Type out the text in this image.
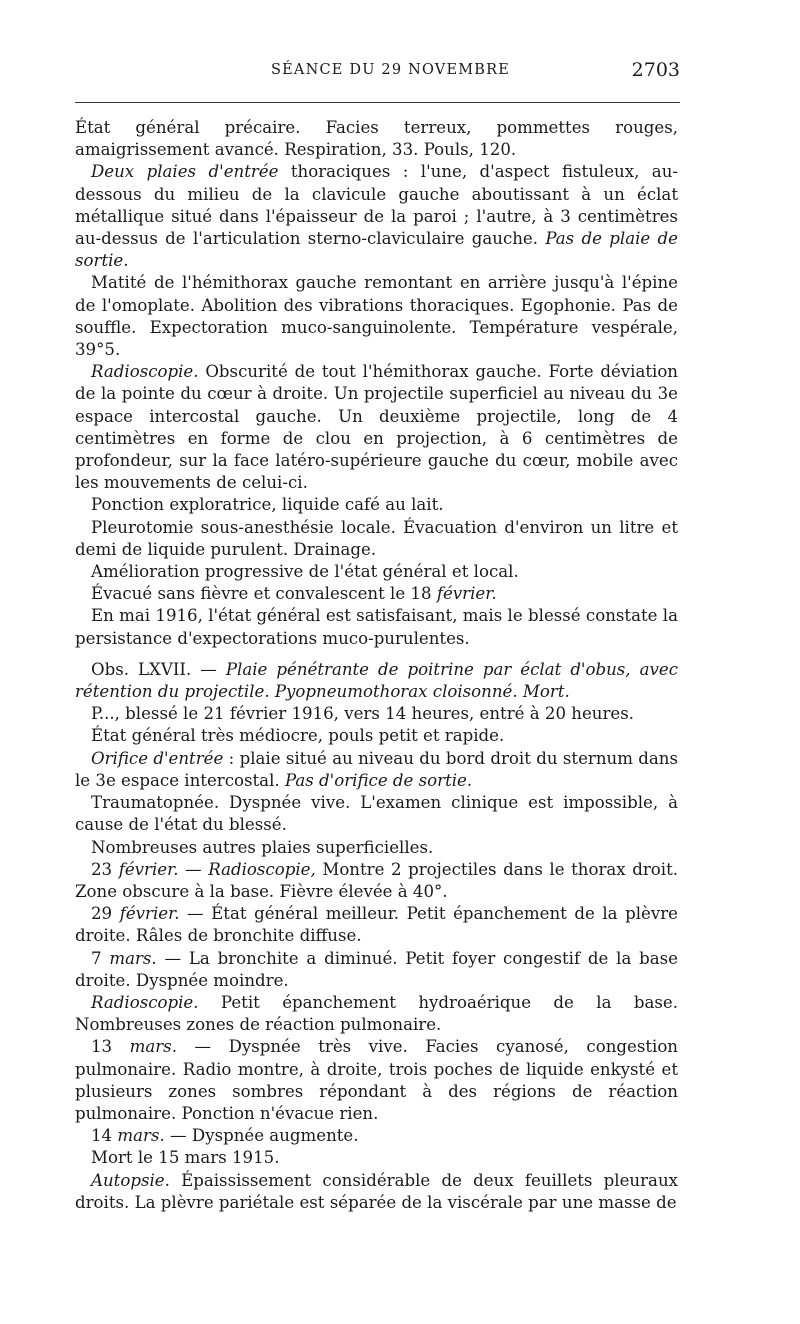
SÉANCE DU 29 NOVEMBRE	2703

État général précaire. Facies terreux, pommettes rouges, amaigrissement avancé. Respiration, 33. Pouls, 120.

Deux plaies d'entrée thoraciques : l'une, d'aspect fistuleux, au-dessous du milieu de la clavicule gauche aboutissant à un éclat métallique situé dans l'épaisseur de la paroi ; l'autre, à 3 centimètres au-dessus de l'articulation sterno-claviculaire gauche. Pas de plaie de sortie.

Matité de l'hémithorax gauche remontant en arrière jusqu'à l'épine de l'omoplate. Abolition des vibrations thoraciques. Egophonie. Pas de souffle. Expectoration muco-sanguinolente. Température vespérale, 39°5.

Radioscopie. Obscurité de tout l'hémithorax gauche. Forte déviation de la pointe du cœur à droite. Un projectile superficiel au niveau du 3e espace intercostal gauche. Un deuxième projectile, long de 4 centimètres en forme de clou en projection, à 6 centimètres de profondeur, sur la face latéro-supérieure gauche du cœur, mobile avec les mouvements de celui-ci.

Ponction exploratrice, liquide café au lait.

Pleurotomie sous-anesthésie locale. Évacuation d'environ un litre et demi de liquide purulent. Drainage.

Amélioration progressive de l'état général et local.

Évacué sans fièvre et convalescent le 18 février.

En mai 1916, l'état général est satisfaisant, mais le blessé constate la persistance d'expectorations muco-purulentes.

Obs. LXVII. — Plaie pénétrante de poitrine par éclat d'obus, avec rétention du projectile. Pyopneumothorax cloisonné. Mort.

P..., blessé le 21 février 1916, vers 14 heures, entré à 20 heures.

État général très médiocre, pouls petit et rapide.

Orifice d'entrée : plaie situé au niveau du bord droit du sternum dans le 3e espace intercostal. Pas d'orifice de sortie.

Traumatopnée. Dyspnée vive. L'examen clinique est impossible, à cause de l'état du blessé.

Nombreuses autres plaies superficielles.

23 février. — Radioscopie, Montre 2 projectiles dans le thorax droit. Zone obscure à la base. Fièvre élevée à 40°.

29 février. — État général meilleur. Petit épanchement de la plèvre droite. Râles de bronchite diffuse.

7 mars. — La bronchite a diminué. Petit foyer congestif de la base droite. Dyspnée moindre.

Radioscopie. Petit épanchement hydroaérique de la base. Nombreuses zones de réaction pulmonaire.

13 mars. — Dyspnée très vive. Facies cyanosé, congestion pulmonaire. Radio montre, à droite, trois poches de liquide enkysté et plusieurs zones sombres répondant à des régions de réaction pulmonaire. Ponction n'évacue rien.

14 mars. — Dyspnée augmente.

Mort le 15 mars 1915.

Autopsie. Épaississement considérable de deux feuillets pleuraux droits. La plèvre pariétale est séparée de la viscérale par une masse de
